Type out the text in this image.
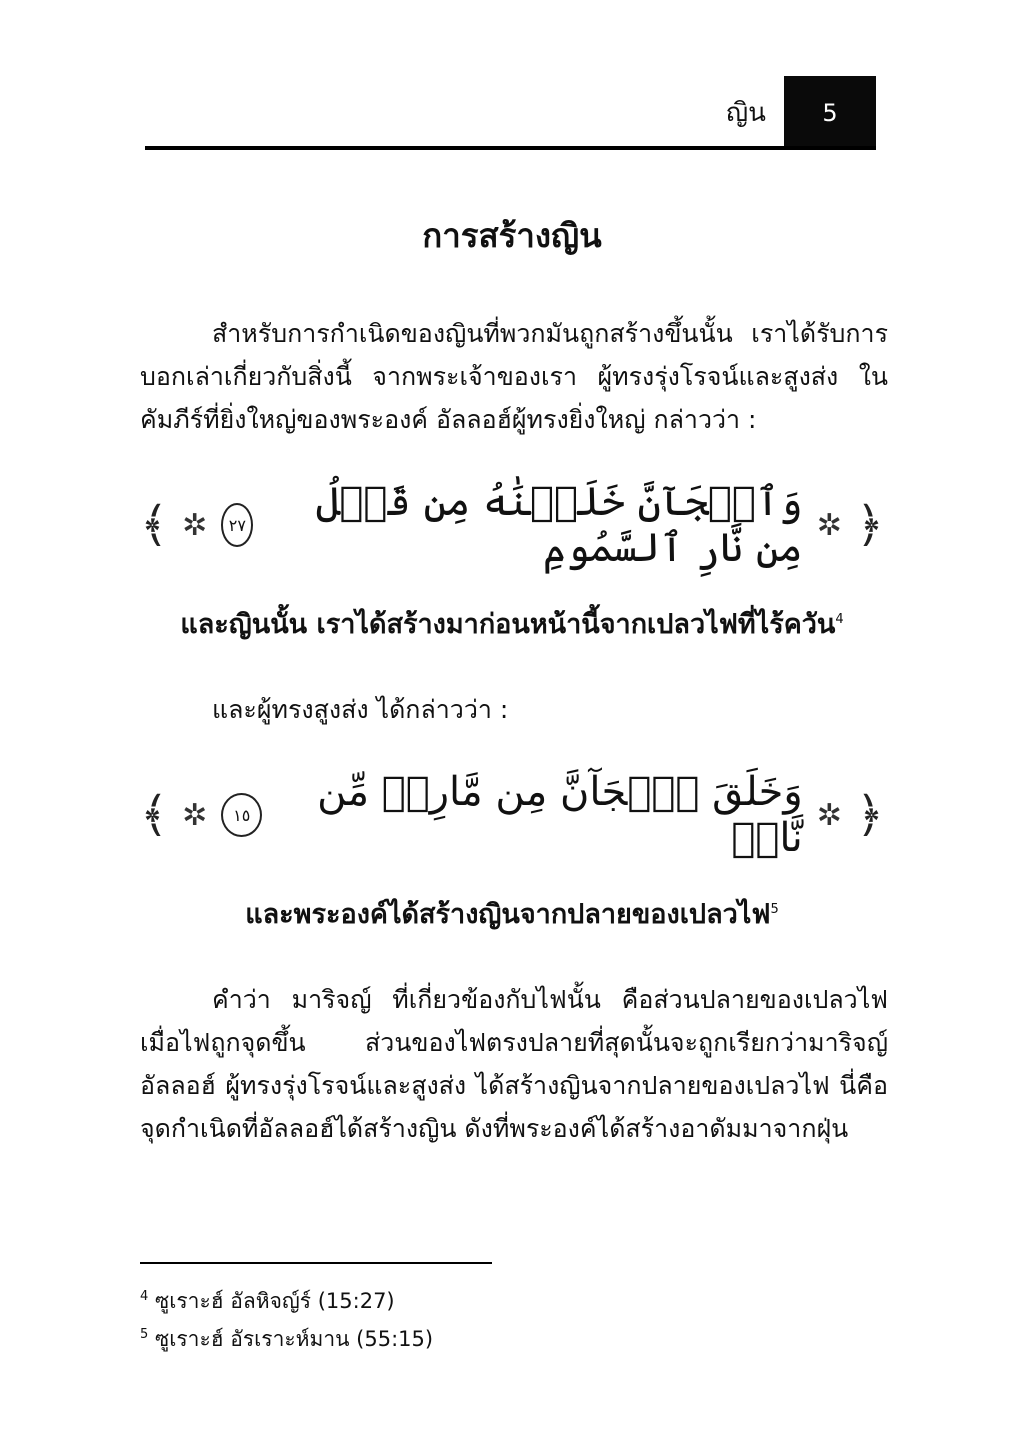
ญิน 5
การสร้างญิน

สำหรับการกำเนิดของญินที่พวกมันถูกสร้างขึ้นนั้น เราได้รับการบอกเล่าเกี่ยวกับสิ่งนี้ จากพระเจ้าของเรา ผู้ทรงรุ่งโรจน์และสูงส่ง ในคัมภีร์ที่ยิ่งใหญ่ของพระองค์ อัลลอฮ์ผู้ทรงยิ่งใหญ่ กล่าวว่า :

﴿
✲
وَٱلۡجَآنَّ خَلَقۡنَٰهُ مِن قَبۡلُ مِن نَّارِ ٱلسَّمُومِ
٢٧
✲
﴾
และญินนั้น เราได้สร้างมาก่อนหน้านี้จากเปลวไฟที่ไร้ควัน$^4$
และผู้ทรงสูงส่ง ได้กล่าวว่า :
﴿
✲
وَخَلَقَ ٱلۡجَآنَّ مِن مَّارِجٖ مِّن نَّارٖ
١٥
✲
﴾
และพระองค์ได้สร้างญินจากปลายของเปลวไฟ$^5$

คำว่า มาริจญ์ ที่เกี่ยวข้องกับไฟนั้น คือส่วนปลายของเปลวไฟ เมื่อไฟถูกจุดขึ้น ส่วนของไฟตรงปลายที่สุดนั้นจะถูกเรียกว่ามาริจญ์ อัลลอฮ์ ผู้ทรงรุ่งโรจน์และสูงส่ง ได้สร้างญินจากปลายของเปลวไฟ นี่คือจุดกำเนิดที่อัลลอฮ์ได้สร้างญิน ดังที่พระองค์ได้สร้างอาดัมมาจากฝุ่น

$^4$ ซูเราะฮ์ อัลหิจญ์ร์ (15:27)
$^5$ ซูเราะฮ์ อัรเราะห์มาน (55:15)
